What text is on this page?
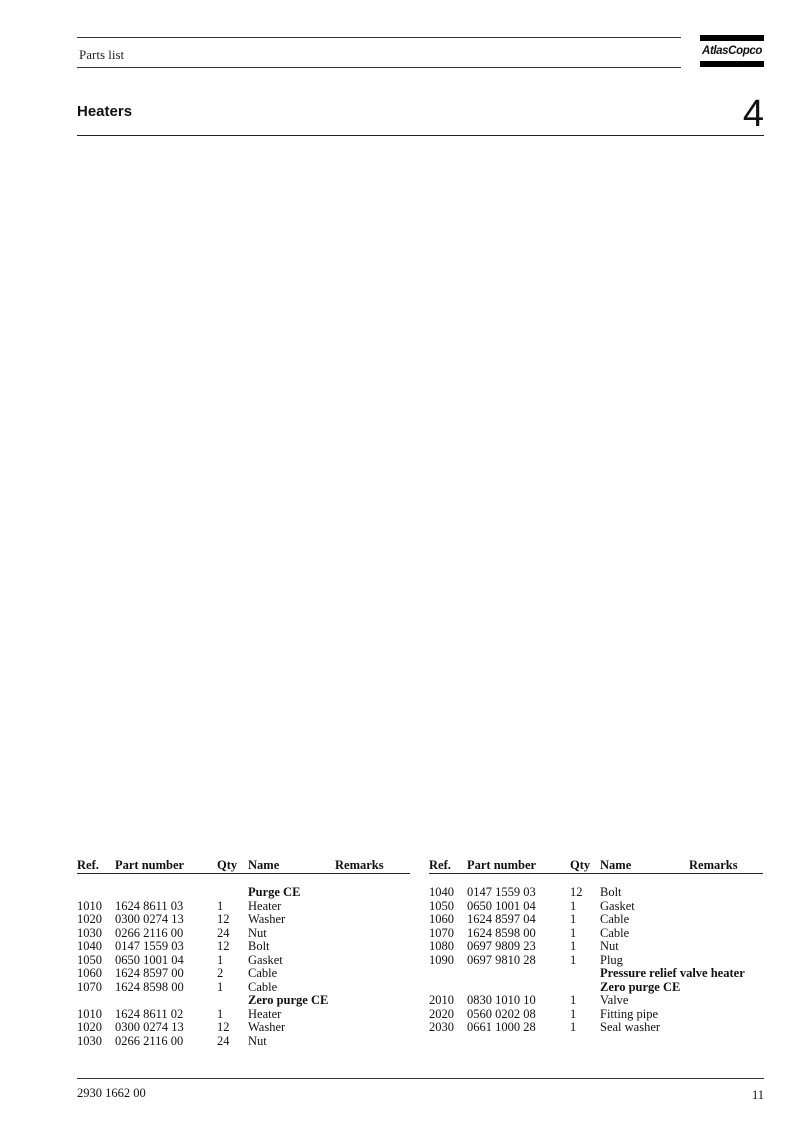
Parts list	AtlasCopco
Heaters	4
Ref. Part number	Qty Name	Remarks
Purge CE
1010 1624 8611 03	1 Heater
1020 0300 0274 13	12 Washer
1030 0266 2116 00	24 Nut
1040 0147 1559 03	12 Bolt
1050 0650 1001 04	1 Gasket
1060 1624 8597 00	2 Cable
1070 1624 8598 00	1 Cable
Zero purge CE
1010 1624 8611 02	1 Heater
1020 0300 0274 13	12 Washer
1030 0266 2116 00	24 Nut
Ref. Part number	Qty Name	Remarks
1040 0147 1559 03	12 Bolt
1050 0650 1001 04	1 Gasket
1060 1624 8597 04	1 Cable
1070 1624 8598 00	1 Cable
1080 0697 9809 23	1 Nut
1090 0697 9810 28	1 Plug
Pressure relief valve heater
Zero purge CE
2010 0830 1010 10	1 Valve
2020 0560 0202 08	1 Fitting pipe
2030 0661 1000 28	1 Seal washer
2930 1662 00	11
